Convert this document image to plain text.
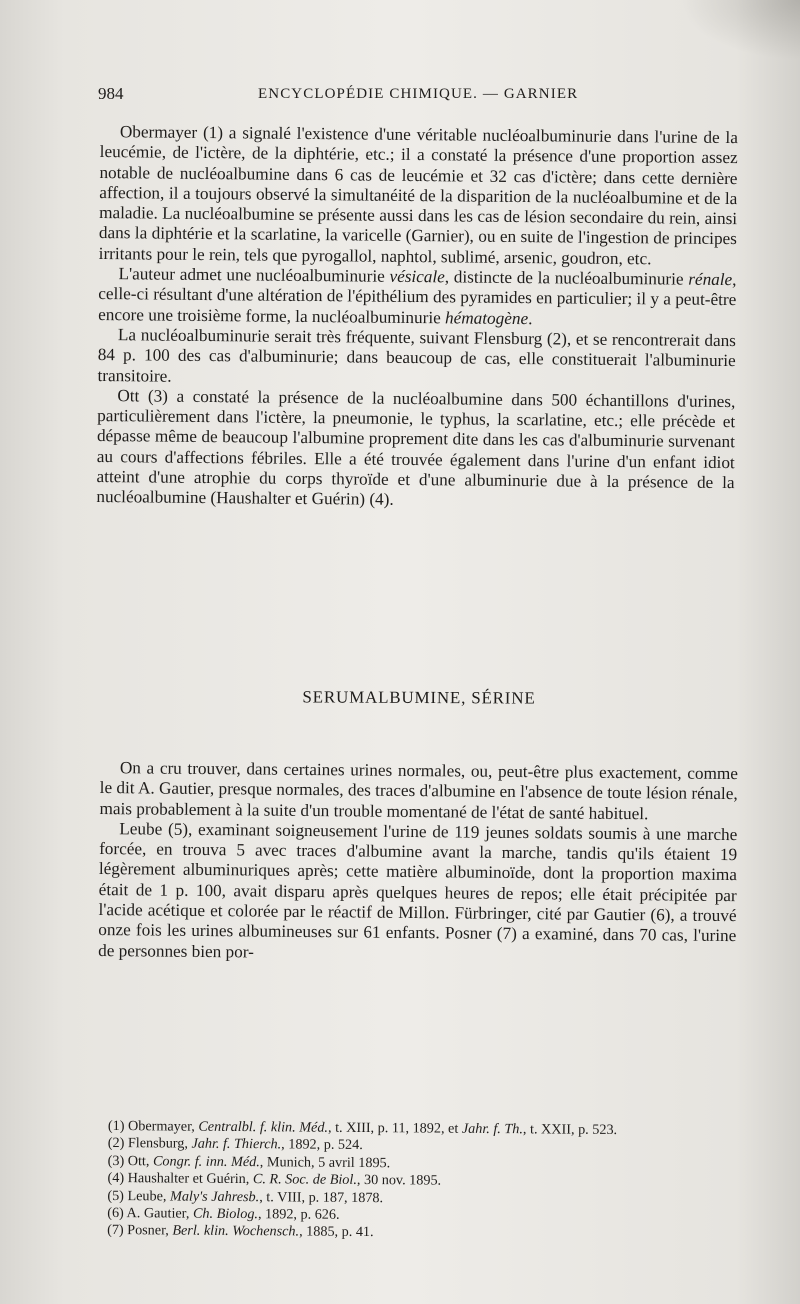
984	ENCYCLOPÉDIE CHIMIQUE. — GARNIER

Obermayer (1) a signalé l'existence d'une véritable nucléoalbuminurie dans l'urine de la leucémie, de l'ictère, de la diphtérie, etc.; il a constaté la présence d'une proportion assez notable de nucléoalbumine dans 6 cas de leucémie et 32 cas d'ictère; dans cette dernière affection, il a toujours observé la simultanéité de la disparition de la nucléoalbumine et de la maladie. La nucléoalbumine se présente aussi dans les cas de lésion secondaire du rein, ainsi dans la diphtérie et la scarlatine, la varicelle (Garnier), ou en suite de l'ingestion de principes irritants pour le rein, tels que pyrogallol, naphtol, sublimé, arsenic, goudron, etc.

L'auteur admet une nucléoalbuminurie vésicale, distincte de la nucléoalbuminurie rénale, celle-ci résultant d'une altération de l'épithélium des pyramides en particulier; il y a peut-être encore une troisième forme, la nucléoalbuminurie hématogène.

La nucléoalbuminurie serait très fréquente, suivant Flensburg (2), et se rencontrerait dans 84 p. 100 des cas d'albuminurie; dans beaucoup de cas, elle constituerait l'albuminurie transitoire.

Ott (3) a constaté la présence de la nucléoalbumine dans 500 échantillons d'urines, particulièrement dans l'ictère, la pneumonie, le typhus, la scarlatine, etc.; elle précède et dépasse même de beaucoup l'albumine proprement dite dans les cas d'albuminurie survenant au cours d'affections fébriles. Elle a été trouvée également dans l'urine d'un enfant idiot atteint d'une atrophie du corps thyroïde et d'une albuminurie due à la présence de la nucléoalbumine (Haushalter et Guérin) (4).

SERUMALBUMINE, SÉRINE

On a cru trouver, dans certaines urines normales, ou, peut-être plus exactement, comme le dit A. Gautier, presque normales, des traces d'albumine en l'absence de toute lésion rénale, mais probablement à la suite d'un trouble momentané de l'état de santé habituel.

Leube (5), examinant soigneusement l'urine de 119 jeunes soldats soumis à une marche forcée, en trouva 5 avec traces d'albumine avant la marche, tandis qu'ils étaient 19 légèrement albuminuriques après; cette matière albuminoïde, dont la proportion maxima était de 1 p. 100, avait disparu après quelques heures de repos; elle était précipitée par l'acide acétique et colorée par le réactif de Millon. Fürbringer, cité par Gautier (6), a trouvé onze fois les urines albumineuses sur 61 enfants. Posner (7) a examiné, dans 70 cas, l'urine de personnes bien por-

(1) Obermayer, Centralbl. f. klin. Méd., t. XIII, p. 11, 1892, et Jahr. f. Th., t. XXII, p. 523.

(2) Flensburg, Jahr. f. Thierch., 1892, p. 524.

(3) Ott, Congr. f. inn. Méd., Munich, 5 avril 1895.

(4) Haushalter et Guérin, C. R. Soc. de Biol., 30 nov. 1895.

(5) Leube, Maly's Jahresb., t. VIII, p. 187, 1878.

(6) A. Gautier, Ch. Biolog., 1892, p. 626.

(7) Posner, Berl. klin. Wochensch., 1885, p. 41.
